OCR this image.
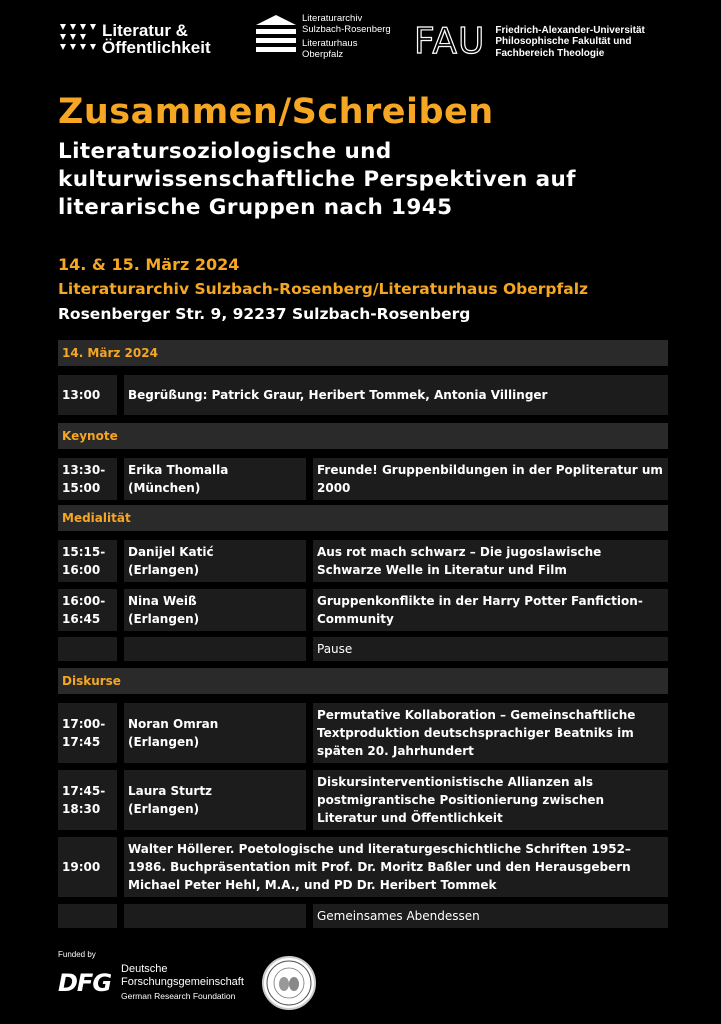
Literatur &
Öffentlichkeit
Literaturarchiv
Sulzbach-Rosenberg
Literaturhaus
Oberpfalz	FAU Friedrich-Alexander-Universität
Philosophische Fakultät und
Fachbereich Theologie
Zusammen/Schreiben
Literatursoziologische und kulturwissenschaftliche Perspektiven auf literarische Gruppen nach 1945
14. & 15. März 2024
Literaturarchiv Sulzbach-Rosenberg/Literaturhaus Oberpfalz
Rosenberger Str. 9, 92237 Sulzbach-Rosenberg
14. März 2024
13:00	Begrüßung: Patrick Graur, Heribert Tommek, Antonia Villinger
Keynote
13:30-
15:00
Erika Thomalla
(München)
Freunde! Gruppenbildungen in der Popliteratur um 2000
Medialität
15:15-
16:00
Danijel Katić
(Erlangen)
Aus rot mach schwarz – Die jugoslawische Schwarze Welle in Literatur und Film
16:00-
16:45
Nina Weiß
(Erlangen)
Gruppenkonflikte in der Harry Potter Fanfiction-Community
Pause
Diskurse
17:00-
17:45
Noran Omran
(Erlangen)
Permutative Kollaboration – Gemeinschaftliche Textproduktion deutschsprachiger Beatniks im späten 20. Jahrhundert
17:45-
18:30
Laura Sturtz
(Erlangen)
Diskursinterventionistische Allianzen als postmigrantische Positionierung zwischen Literatur und Öffentlichkeit
19:00
Walter Höllerer. Poetologische und literaturgeschichtliche Schriften 1952–1986. Buchpräsentation mit Prof. Dr. Moritz Baßler und den Herausgebern Michael Peter Hehl, M.A., und PD Dr. Heribert Tommek
Gemeinsames Abendessen
Funded by
DFG Deutsche
Forschungsgemeinschaft
German Research Foundation
